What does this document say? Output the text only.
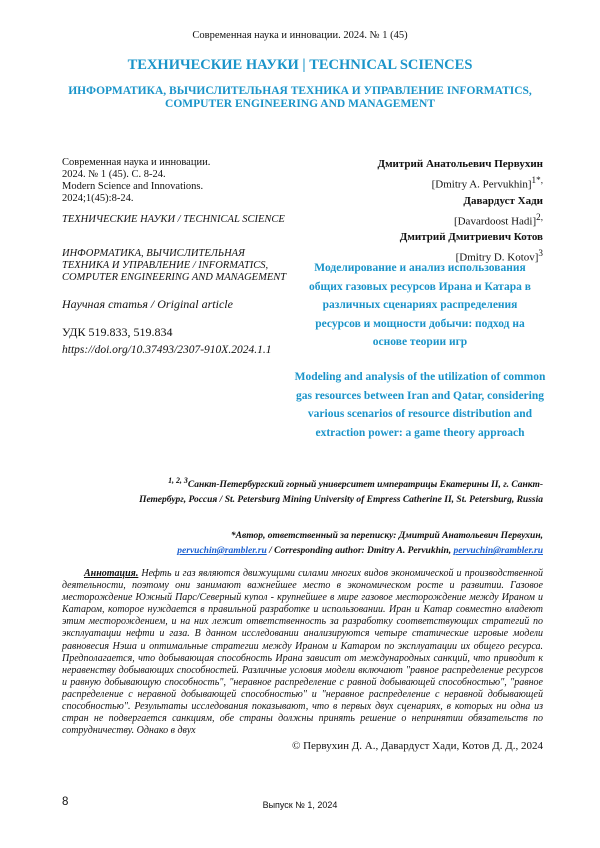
Современная наука и инновации. 2024. № 1 (45)
ТЕХНИЧЕСКИЕ НАУКИ | TECHNICAL SCIENCES
ИНФОРМАТИКА, ВЫЧИСЛИТЕЛЬНАЯ ТЕХНИКА И УПРАВЛЕНИЕ INFORMATICS, COMPUTER ENGINEERING AND MANAGEMENT
Современная наука и инновации.
2024. № 1 (45). С. 8-24.
Modern Science and Innovations.
2024;1(45):8-24.
ТЕХНИЧЕСКИЕ НАУКИ / TECHNICAL SCIENCE
ИНФОРМАТИКА, ВЫЧИСЛИТЕЛЬНАЯ ТЕХНИКА И УПРАВЛЕНИЕ / INFORMATICS, COMPUTER ENGINEERING AND MANAGEMENT
Научная статья / Original article
УДК 519.833, 519.834
https://doi.org/10.37493/2307-910X.2024.1.1
Дмитрий Анатольевич Первухин
[Dmitry A. Pervukhin]$^{1*,}$
Давардуст Хади
[Davardoost Hadi]$^{2,}$
Дмитрий Дмитриевич Котов
[Dmitry D. Kotov]$^3$
Моделирование и анализ использования общих газовых ресурсов Ирана и Катара в различных сценариях распределения ресурсов и мощности добычи: подход на основе теории игр
Modeling and analysis of the utilization of common gas resources between Iran and Qatar, considering various scenarios of resource distribution and extraction power: a game theory approach
$^{1, 2, 3}$Санкт-Петербургский горный университет императрицы Екатерины II, г. Санкт-Петербург, Россия / St. Petersburg Mining University of Empress Catherine II, St. Petersburg, Russia
*Автор, ответственный за переписку: Дмитрий Анатольевич Первухин,
pervuchin@rambler.ru / Corresponding author: Dmitry A. Pervukhin, pervuchin@rambler.ru
Аннотация. Нефть и газ являются движущими силами многих видов экономической и производственной деятельности, поэтому они занимают важнейшее место в экономическом росте и развитии. Газовое месторождение Южный Парс/Северный купол - крупнейшее в мире газовое месторождение между Ираном и Катаром, которое нуждается в правильной разработке и использовании. Иран и Катар совместно владеют этим месторождением, и на них лежит ответственность за разработку соответствующих стратегий по эксплуатации нефти и газа. В данном исследовании анализируются четыре статические игровые модели равновесия Нэша и оптимальные стратегии между Ираном и Катаром по эксплуатации их общего ресурса. Предполагается, что добывающая способность Ирана зависит от международных санкций, что приводит к неравенству добывающих способностей. Различные условия модели включают "равное распределение ресурсов и равную добывающую способность", "неравное распределение с равной добывающей способностью", "равное распределение с неравной добывающей способностью" и "неравное распределение с неравной добывающей способностью". Результаты исследования показывают, что в первых двух сценариях, в которых ни одна из стран не подвергается санкциям, обе страны должны принять решение о непринятии обязательств по сотрудничеству. Однако в двух
© Первухин Д. А., Давардуст Хади, Котов Д. Д., 2024
8	Выпуск № 1, 2024
